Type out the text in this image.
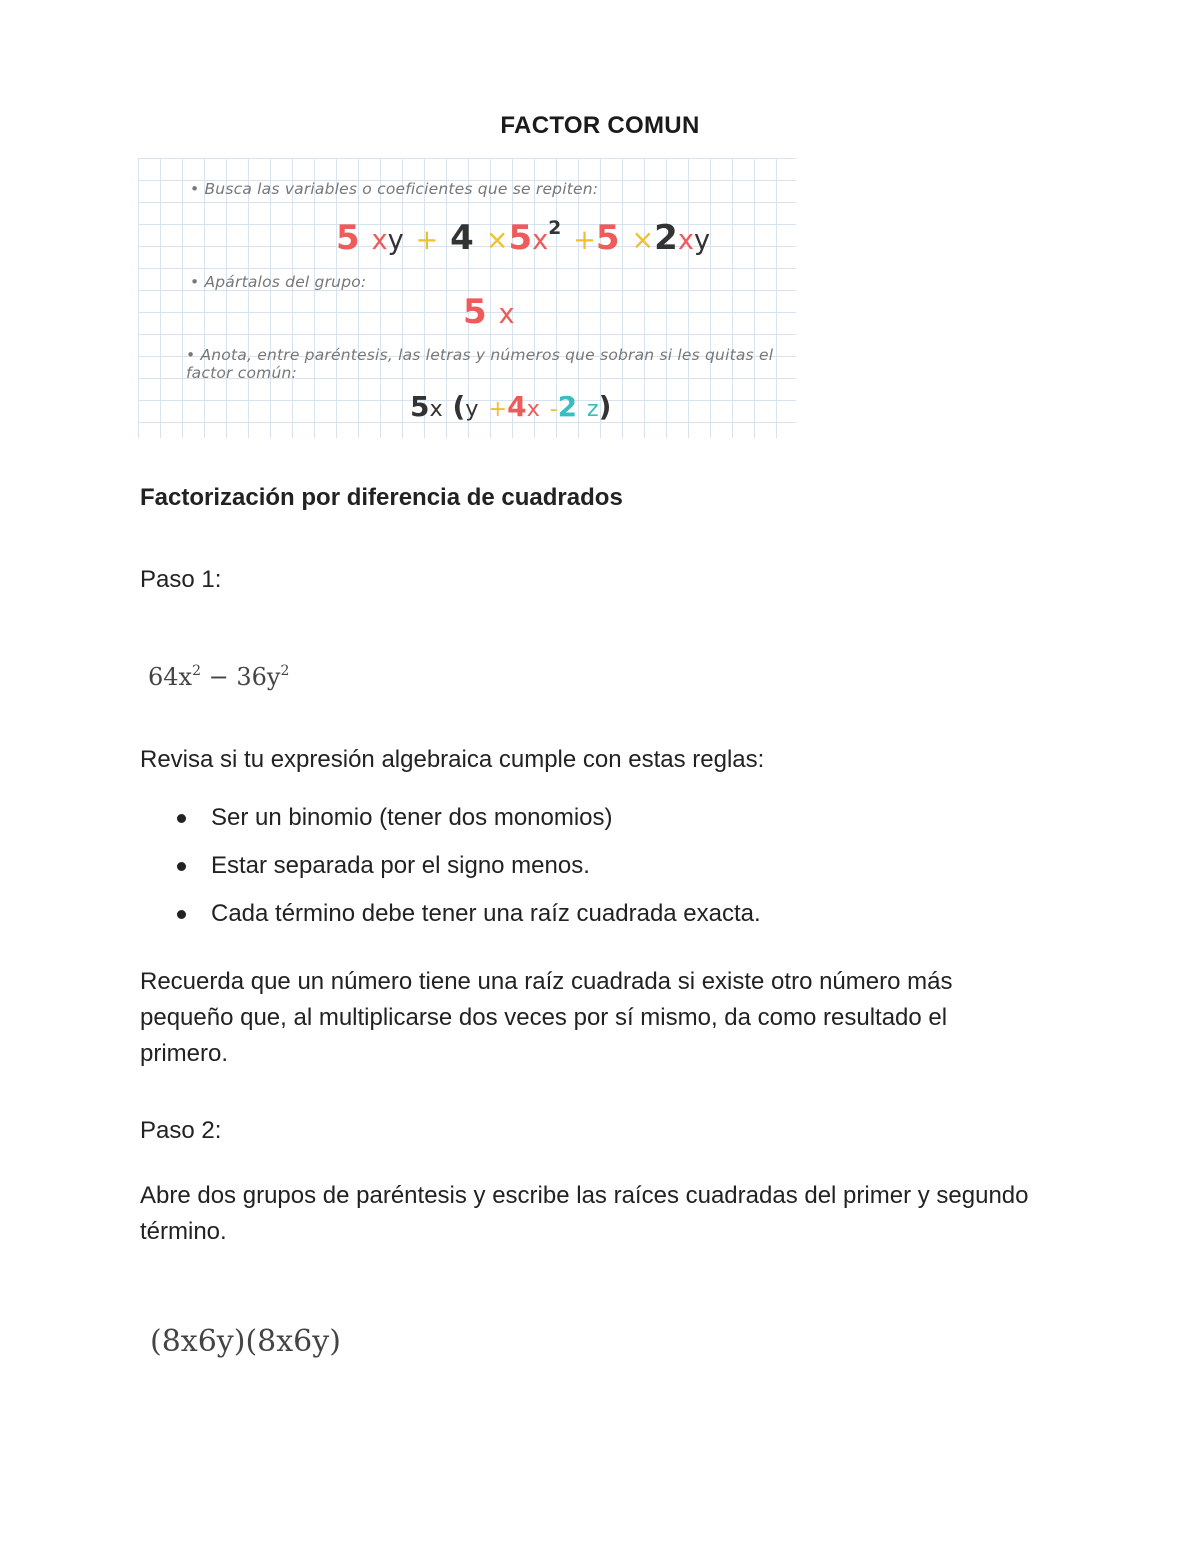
FACTOR COMUN
• Busca las variables o coeficientes que se repiten:
5 xy + $4 \times 5x^2 +5 \times 2xy$
• Apártalos del grupo:
5 x
• Anota, entre paréntesis, las letras y números que sobran si les quitas el factor común:
5x (y +4x -2 z)
Factorización por diferencia de cuadrados
Paso 1:
$64x^2 - 36y^2$
Revisa si tu expresión algebraica cumple con estas reglas:
Ser un binomio (tener dos monomios)
Estar separada por el signo menos.
Cada término debe tener una raíz cuadrada exacta.
Recuerda que un número tiene una raíz cuadrada si existe otro número más pequeño que, al multiplicarse dos veces por sí mismo, da como resultado el primero.
Paso 2:
Abre dos grupos de paréntesis y escribe las raíces cuadradas del primer y segundo término.
(8x6y)(8x6y)
